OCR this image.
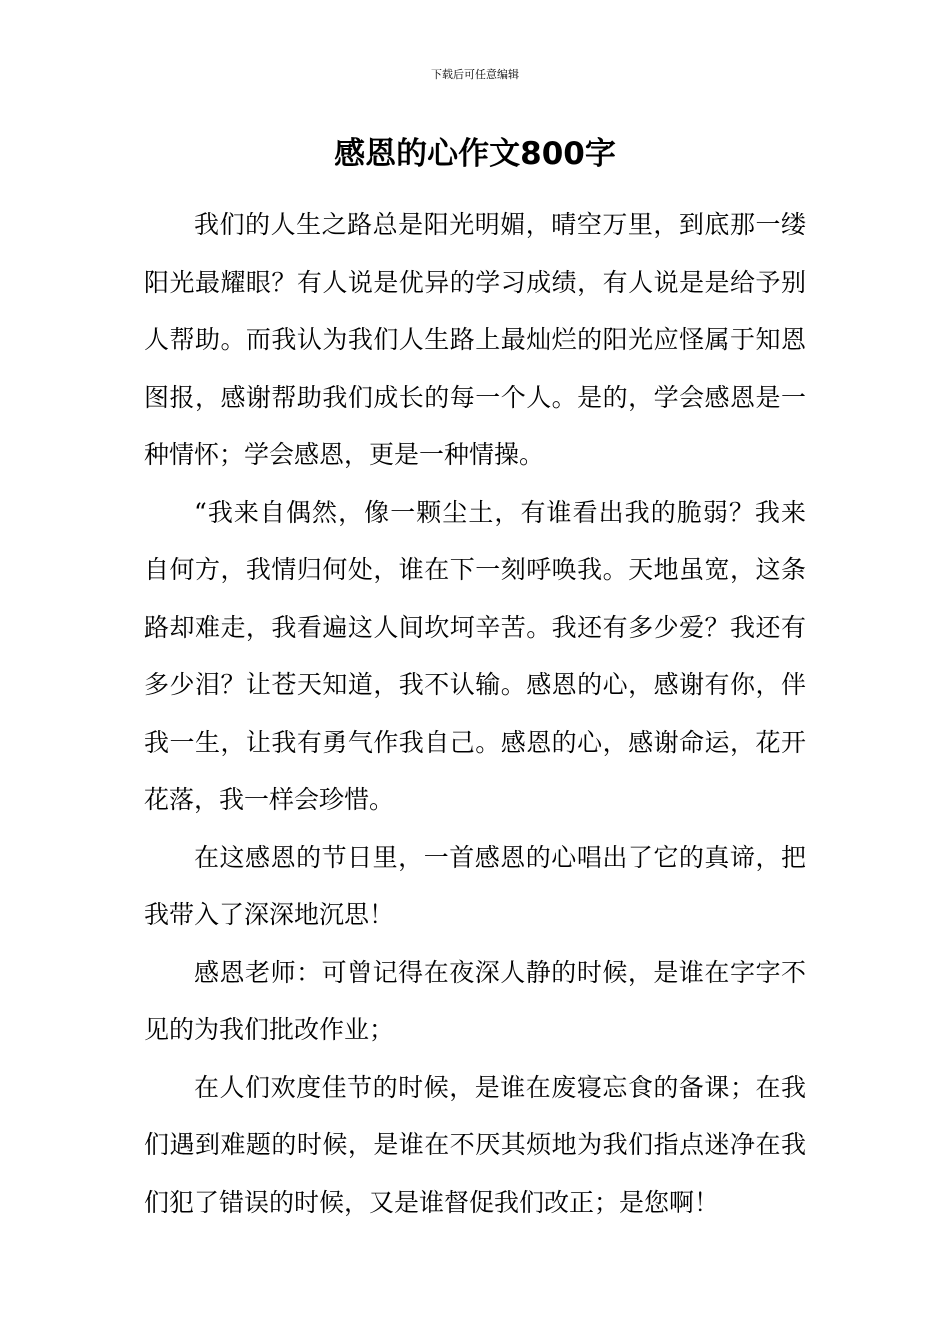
下载后可任意编辑
感恩的心作文800字

我们的人生之路总是阳光明媚，晴空万里，到底那一缕阳光最耀眼？有人说是优异的学习成绩，有人说是是给予别人帮助。而我认为我们人生路上最灿烂的阳光应怪属于知恩图报，感谢帮助我们成长的每一个人。是的，学会感恩是一种情怀；学会感恩，更是一种情操。

“我来自偶然，像一颗尘土，有谁看出我的脆弱？我来自何方，我情归何处，谁在下一刻呼唤我。天地虽宽，这条路却难走，我看遍这人间坎坷辛苦。我还有多少爱？我还有多少泪？让苍天知道，我不认输。感恩的心，感谢有你，伴我一生，让我有勇气作我自己。感恩的心，感谢命运，花开花落，我一样会珍惜。

在这感恩的节日里，一首感恩的心唱出了它的真谛，把我带入了深深地沉思！

感恩老师：可曾记得在夜深人静的时候，是谁在字字不见的为我们批改作业；

在人们欢度佳节的时候，是谁在废寝忘食的备课；在我们遇到难题的时候，是谁在不厌其烦地为我们指点迷净在我们犯了错误的时候，又是谁督促我们改正；是您啊！
